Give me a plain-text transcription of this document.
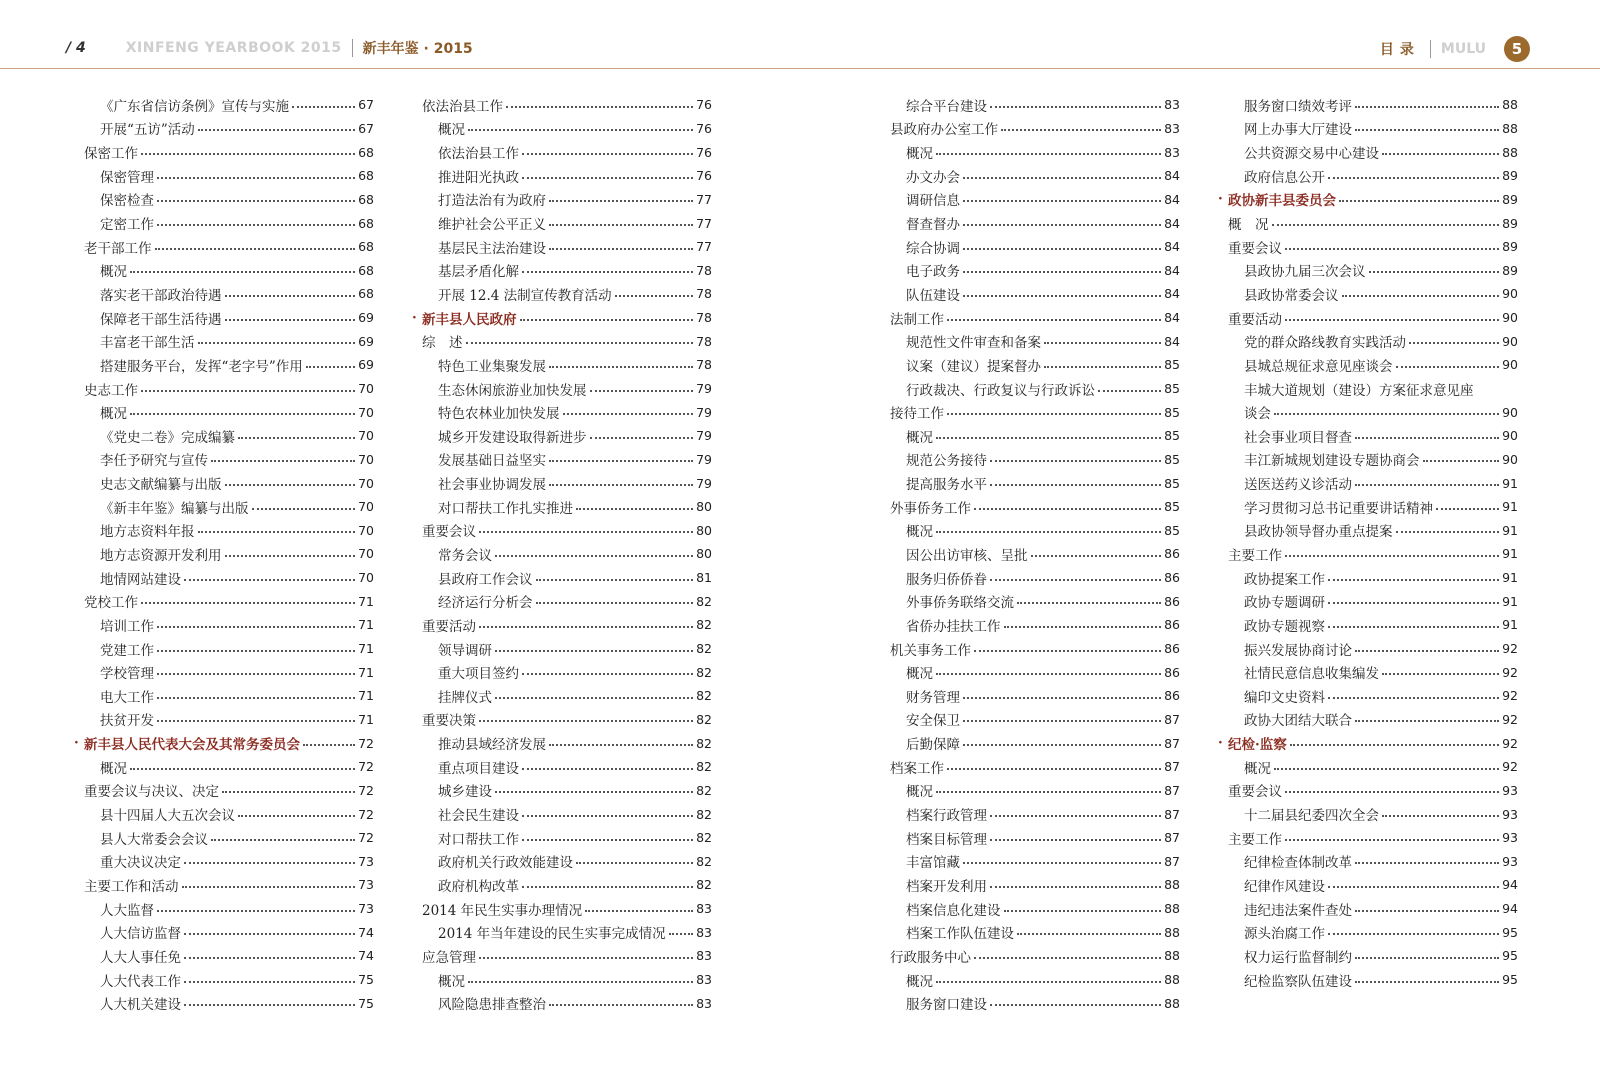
/ 4	XINFENG YEARBOOK 2015 新丰年鉴 · 2015	目录 MULU	5
《广东省信访条例》宣传与实施	67
开展“五访”活动	67
保密工作	68
保密管理	68
保密检查	68
定密工作	68
老干部工作	68
概况	68
落实老干部政治待遇	68
保障老干部生活待遇	69
丰富老干部生活	69
搭建服务平台，发挥“老字号”作用	69
史志工作	70
概况	70
《党史二卷》完成编纂	70
李任予研究与宣传	70
史志文献编纂与出版	70
《新丰年鉴》编纂与出版	70
地方志资料年报	70
地方志资源开发利用	70
地情网站建设	70
党校工作	71
培训工作	71
党建工作	71
学校管理	71
电大工作	71
扶贫开发	71
· 新丰县人民代表大会及其常务委员会	72
概况	72
重要会议与决议、决定	72
县十四届人大五次会议	72
县人大常委会会议	72
重大决议决定	73
主要工作和活动	73
人大监督	73
人大信访监督	74
人大人事任免	74
人大代表工作	75
人大机关建设	75
依法治县工作	76
概况	76
依法治县工作	76
推进阳光执政	76
打造法治有为政府	77
维护社会公平正义	77
基层民主法治建设	77
基层矛盾化解	78
开展 12.4 法制宣传教育活动	78
· 新丰县人民政府	78
综　述	78
特色工业集聚发展	78
生态休闲旅游业加快发展	79
特色农林业加快发展	79
城乡开发建设取得新进步	79
发展基础日益坚实	79
社会事业协调发展	79
对口帮扶工作扎实推进	80
重要会议	80
常务会议	80
县政府工作会议	81
经济运行分析会	82
重要活动	82
领导调研	82
重大项目签约	82
挂牌仪式	82
重要决策	82
推动县域经济发展	82
重点项目建设	82
城乡建设	82
社会民生建设	82
对口帮扶工作	82
政府机关行政效能建设	82
政府机构改革	82
2014 年民生实事办理情况	83
2014 年当年建设的民生实事完成情况 83
应急管理	83
概况	83
风险隐患排查整治	83
综合平台建设	83
县政府办公室工作	83
概况	83
办文办会	84
调研信息	84
督查督办	84
综合协调	84
电子政务	84
队伍建设	84
法制工作	84
规范性文件审查和备案	84
议案（建议）提案督办	85
行政裁决、行政复议与行政诉讼	85
接待工作	85
概况	85
规范公务接待	85
提高服务水平	85
外事侨务工作	85
概况	85
因公出访审核、呈批	86
服务归侨侨眷	86
外事侨务联络交流	86
省侨办挂扶工作	86
机关事务工作	86
概况	86
财务管理	86
安全保卫	87
后勤保障	87
档案工作	87
概况	87
档案行政管理	87
档案目标管理	87
丰富馆藏	87
档案开发利用	88
档案信息化建设	88
档案工作队伍建设	88
行政服务中心	88
概况	88
服务窗口建设	88
服务窗口绩效考评	88
网上办事大厅建设	88
公共资源交易中心建设	88
政府信息公开	89
· 政协新丰县委员会	89
概　况	89
重要会议	89
县政协九届三次会议	89
县政协常委会议	90
重要活动	90
党的群众路线教育实践活动	90
县城总规征求意见座谈会	90
丰城大道规划（建设）方案征求意见座
谈会	90
社会事业项目督查	90
丰江新城规划建设专题协商会	90
送医送药义诊活动	91
学习贯彻习总书记重要讲话精神	91
县政协领导督办重点提案	91
主要工作	91
政协提案工作	91
政协专题调研	91
政协专题视察	91
振兴发展协商讨论	92
社情民意信息收集编发	92
编印文史资料	92
政协大团结大联合	92
· 纪检·监察	92
概况	92
重要会议	93
十二届县纪委四次全会	93
主要工作	93
纪律检查体制改革	93
纪律作风建设	94
违纪违法案件查处	94
源头治腐工作	95
权力运行监督制约	95
纪检监察队伍建设	95
